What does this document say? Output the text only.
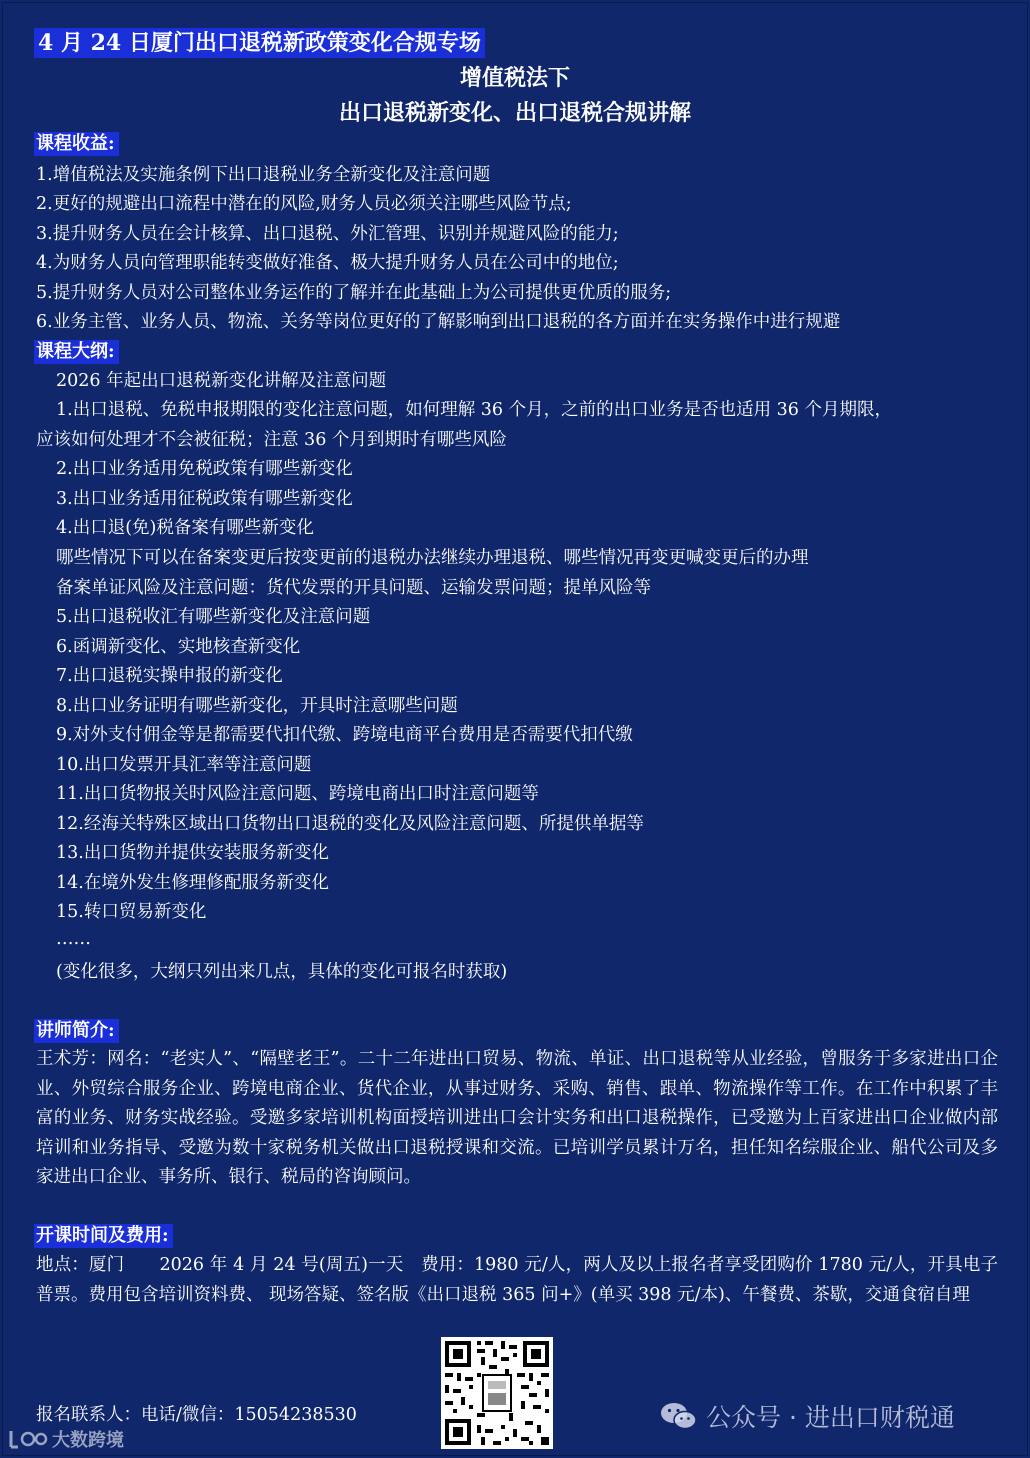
4 月 24 日厦门出口退税新政策变化合规专场
增值税法下
出口退税新变化、出口退税合规讲解
课程收益:
1.增值税法及实施条例下出口退税业务全新变化及注意问题
2.更好的规避出口流程中潜在的风险,财务人员必须关注哪些风险节点;
3.提升财务人员在会计核算、出口退税、外汇管理、识别并规避风险的能力;
4.为财务人员向管理职能转变做好准备、极大提升财务人员在公司中的地位;
5.提升财务人员对公司整体业务运作的了解并在此基础上为公司提供更优质的服务;
6.业务主管、业务人员、物流、关务等岗位更好的了解影响到出口退税的各方面并在实务操作中进行规避
课程大纲:
2026 年起出口退税新变化讲解及注意问题
1.出口退税、免税申报期限的变化注意问题，如何理解 36 个月，之前的出口业务是否也适用 36 个月期限，
应该如何处理才不会被征税；注意 36 个月到期时有哪些风险
2.出口业务适用免税政策有哪些新变化
3.出口业务适用征税政策有哪些新变化
4.出口退(免)税备案有哪些新变化
哪些情况下可以在备案变更后按变更前的退税办法继续办理退税、哪些情况再变更喊变更后的办理
备案单证风险及注意问题：货代发票的开具问题、运输发票问题；提单风险等
5.出口退税收汇有哪些新变化及注意问题
6.函调新变化、实地核查新变化
7.出口退税实操申报的新变化
8.出口业务证明有哪些新变化，开具时注意哪些问题
9.对外支付佣金等是都需要代扣代缴、跨境电商平台费用是否需要代扣代缴
10.出口发票开具汇率等注意问题
11.出口货物报关时风险注意问题、跨境电商出口时注意问题等
12.经海关特殊区域出口货物出口退税的变化及风险注意问题、所提供单据等
13.出口货物并提供安装服务新变化
14.在境外发生修理修配服务新变化
15.转口贸易新变化
……
(变化很多，大纲只列出来几点，具体的变化可报名时获取)
讲师简介:
王术芳：网名：“老实人”、“隔壁老王”。二十二年进出口贸易、物流、单证、出口退税等从业经验，曾服务于多家进出口企业、外贸综合服务企业、跨境电商企业、货代企业，从事过财务、采购、销售、跟单、物流操作等工作。在工作中积累了丰富的业务、财务实战经验。受邀多家培训机构面授培训进出口会计实务和出口退税操作，已受邀为上百家进出口企业做内部培训和业务指导、受邀为数十家税务机关做出口退税授课和交流。已培训学员累计万名，担任知名综服企业、船代公司及多家进出口企业、事务所、银行、税局的咨询顾问。
开课时间及费用:
地点：厦门　　2026 年 4 月 24 号(周五)一天　费用：1980 元/人，两人及以上报名者享受团购价 1780 元/人，开具电子普票。费用包含培训资料费、 现场答疑、签名版《出口退税 365 问+》(单买 398 元/本)、午餐费、茶歇，交通食宿自理
报名联系人：电话/微信：15054238530	公众号 · 进出口财税通
大数跨境
